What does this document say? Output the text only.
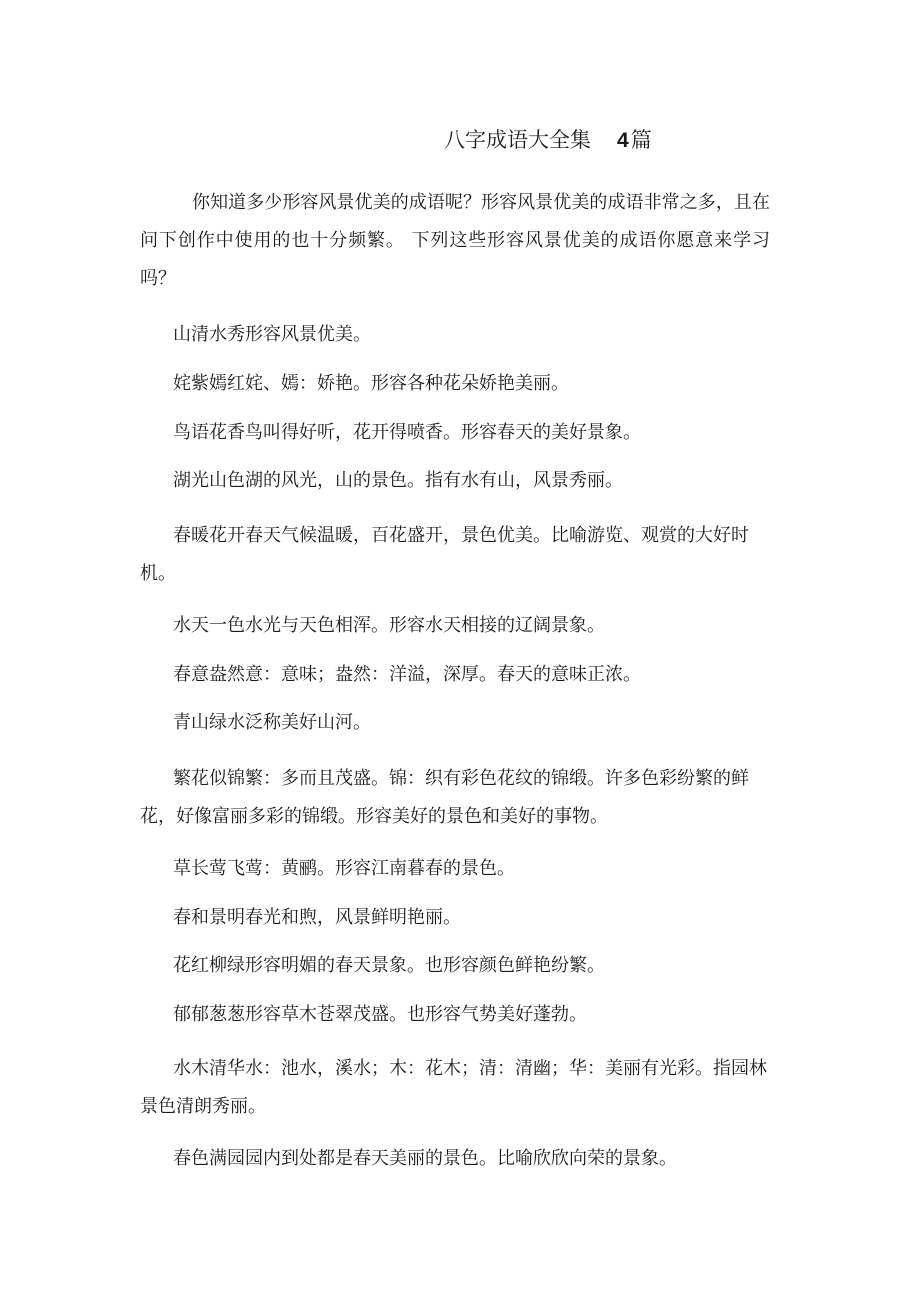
八字成语大全集 4篇
你知道多少形容风景优美的成语呢？形容风景优美的成语非常之多，且在问下创作中使用的也十分频繁。 下列这些形容风景优美的成语你愿意来学习吗？
山清水秀形容风景优美。
姹紫嫣红姹、嫣：娇艳。形容各种花朵娇艳美丽。
鸟语花香鸟叫得好听，花开得喷香。形容春天的美好景象。
湖光山色湖的风光，山的景色。指有水有山，风景秀丽。
春暖花开春天气候温暖，百花盛开，景色优美。比喻游览、观赏的大好时机。
水天一色水光与天色相浑。形容水天相接的辽阔景象。
春意盎然意：意味；盎然：洋溢，深厚。春天的意味正浓。
青山绿水泛称美好山河。
繁花似锦繁：多而且茂盛。锦：织有彩色花纹的锦缎。许多色彩纷繁的鲜花，好像富丽多彩的锦缎。形容美好的景色和美好的事物。
草长莺飞莺：黄鹂。形容江南暮春的景色。
春和景明春光和煦，风景鲜明艳丽。
花红柳绿形容明媚的春天景象。也形容颜色鲜艳纷繁。
郁郁葱葱形容草木苍翠茂盛。也形容气势美好蓬勃。
水木清华水：池水，溪水；木：花木；清：清幽；华：美丽有光彩。指园林景色清朗秀丽。
春色满园园内到处都是春天美丽的景色。比喻欣欣向荣的景象。
